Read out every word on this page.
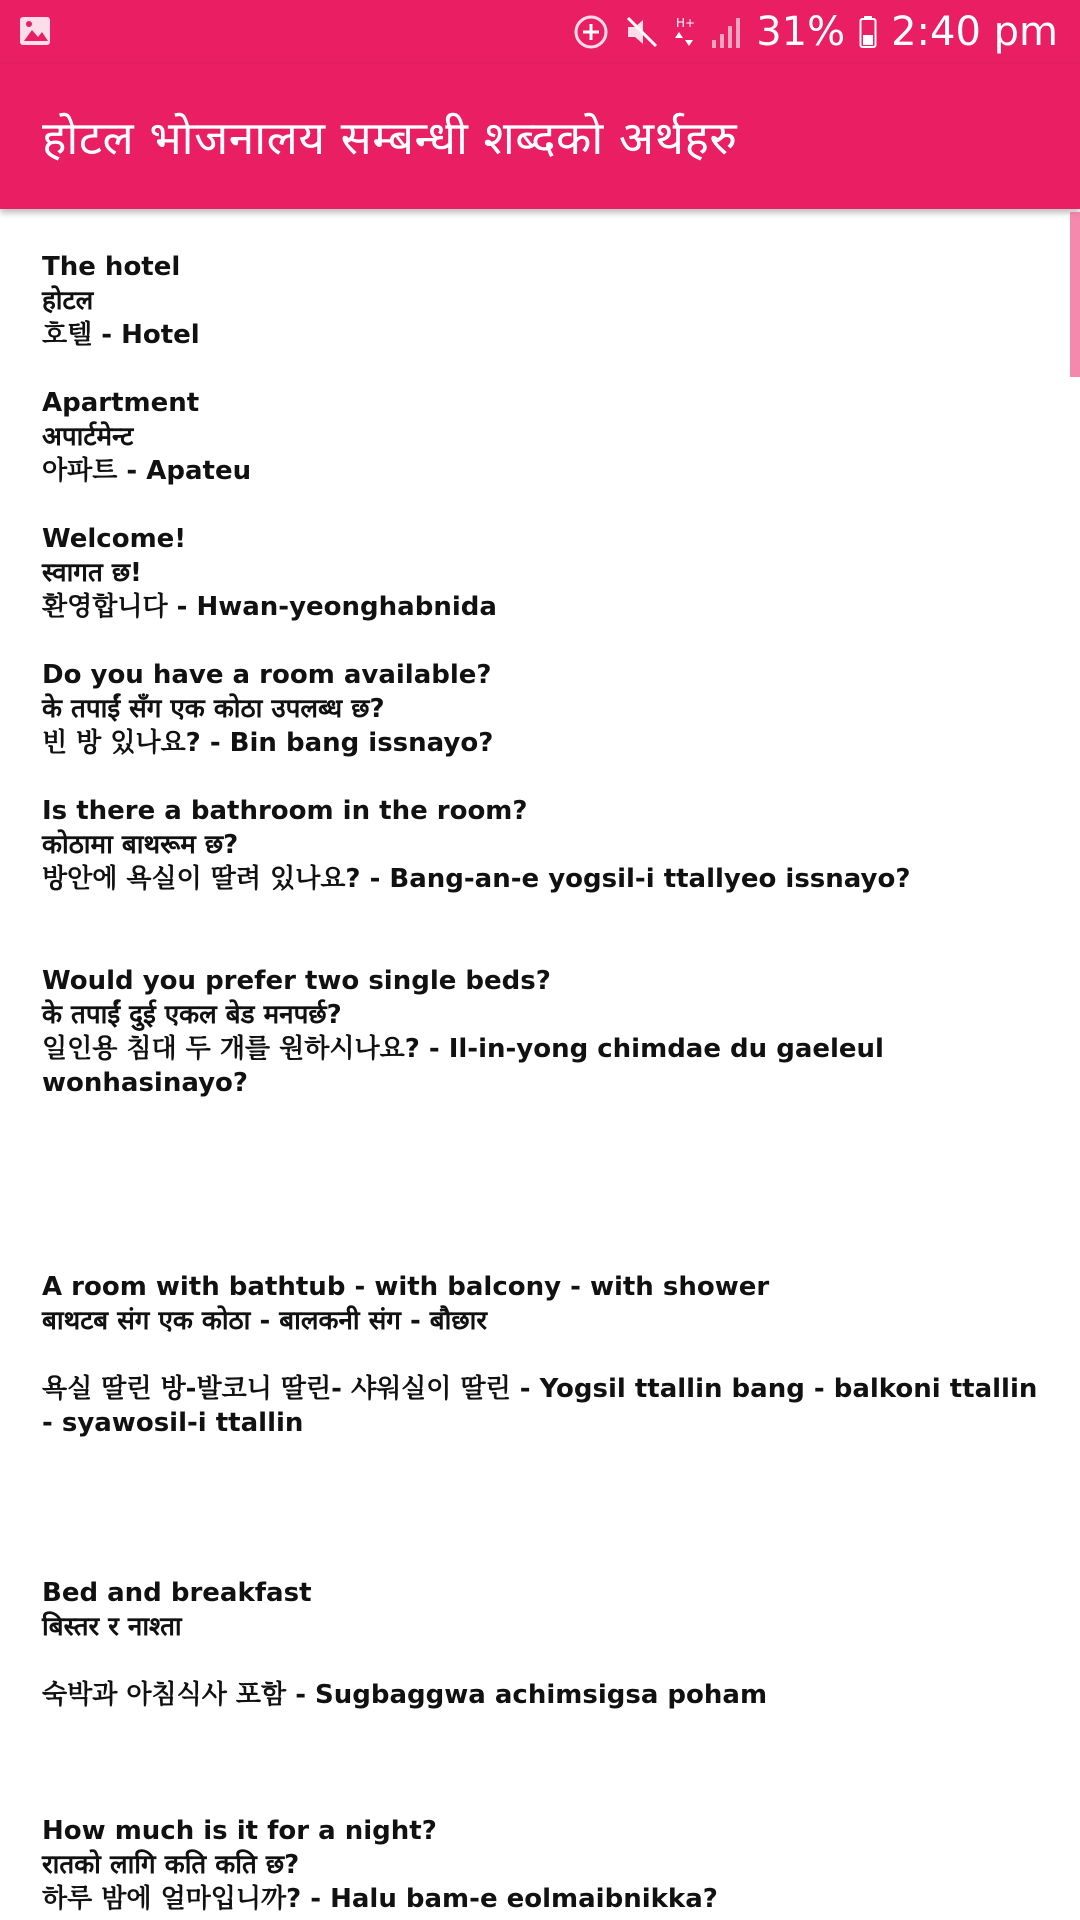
H+ 31% 2:40 pm
होटल भोजनालय सम्बन्धी शब्दको अर्थहरु

The hotel

होटल

호텔 - Hotel

Apartment

अपार्टमेन्ट

아파트 - Apateu

Welcome!

स्वागत छ!

환영합니다 - Hwan-yeonghabnida

Do you have a room available?

के तपाईं सँग एक कोठा उपलब्ध छ?

빈 방 있나요? - Bin bang issnayo?

Is there a bathroom in the room?

कोठामा बाथरूम छ?

방안에 욕실이 딸려 있나요? - Bang-an-e yogsil-i ttallyeo issnayo?

Would you prefer two single beds?

के तपाईं दुई एकल बेड मनपर्छ?

일인용 침대 두 개를 원하시나요? - Il-in-yong chimdae du gaeleul wonhasinayo?

A room with bathtub - with balcony - with shower

बाथटब संग एक कोठा - बालकनी संग - बौछार

욕실 딸린 방-발코니 딸린- 샤워실이 딸린 - Yogsil ttallin bang - balkoni ttallin - syawosil-i ttallin

Bed and breakfast

बिस्तर र नाश्ता

숙박과 아침식사 포함 - Sugbaggwa achimsigsa poham

How much is it for a night?

रातको लागि कति कति छ?

하루 밤에 얼마입니까? - Halu bam-e eolmaibnikka?
